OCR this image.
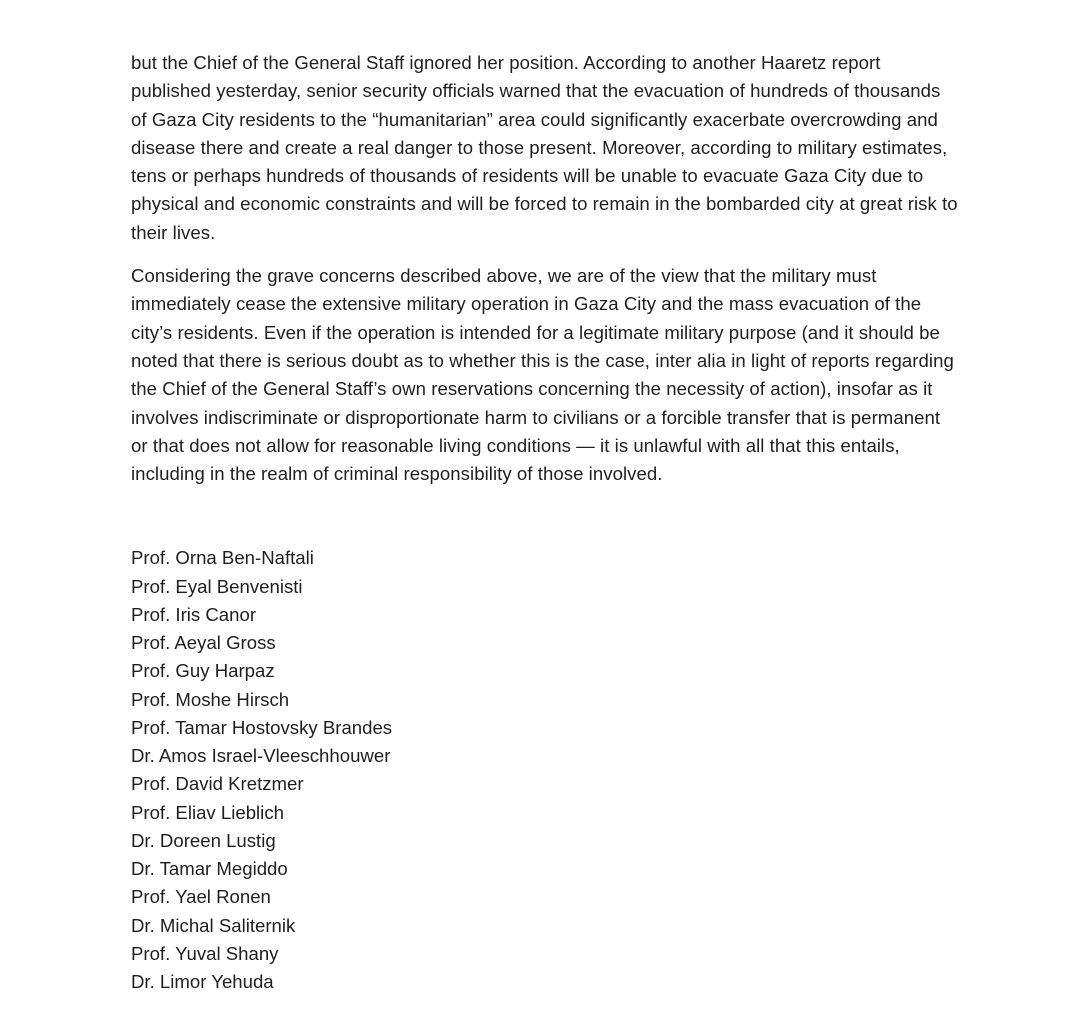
but the Chief of the General Staff ignored her position. According to another Haaretz report published yesterday, senior security officials warned that the evacuation of hundreds of thousands of Gaza City residents to the “humanitarian” area could significantly exacerbate overcrowding and disease there and create a real danger to those present. Moreover, according to military estimates, tens or perhaps hundreds of thousands of residents will be unable to evacuate Gaza City due to physical and economic constraints and will be forced to remain in the bombarded city at great risk to their lives.

Considering the grave concerns described above, we are of the view that the military must immediately cease the extensive military operation in Gaza City and the mass evacuation of the city’s residents. Even if the operation is intended for a legitimate military purpose (and it should be noted that there is serious doubt as to whether this is the case, inter alia in light of reports regarding the Chief of the General Staff’s own reservations concerning the necessity of action), insofar as it involves indiscriminate or disproportionate harm to civilians or a forcible transfer that is permanent or that does not allow for reasonable living conditions — it is unlawful with all that this entails, including in the realm of criminal responsibility of those involved.

Prof. Orna Ben-Naftali
Prof. Eyal Benvenisti
Prof. Iris Canor
Prof. Aeyal Gross
Prof. Guy Harpaz
Prof. Moshe Hirsch
Prof. Tamar Hostovsky Brandes
Dr. Amos Israel-Vleeschhouwer
Prof. David Kretzmer
Prof. Eliav Lieblich
Dr. Doreen Lustig
Dr. Tamar Megiddo
Prof. Yael Ronen
Dr. Michal Saliternik
Prof. Yuval Shany
Dr. Limor Yehuda
